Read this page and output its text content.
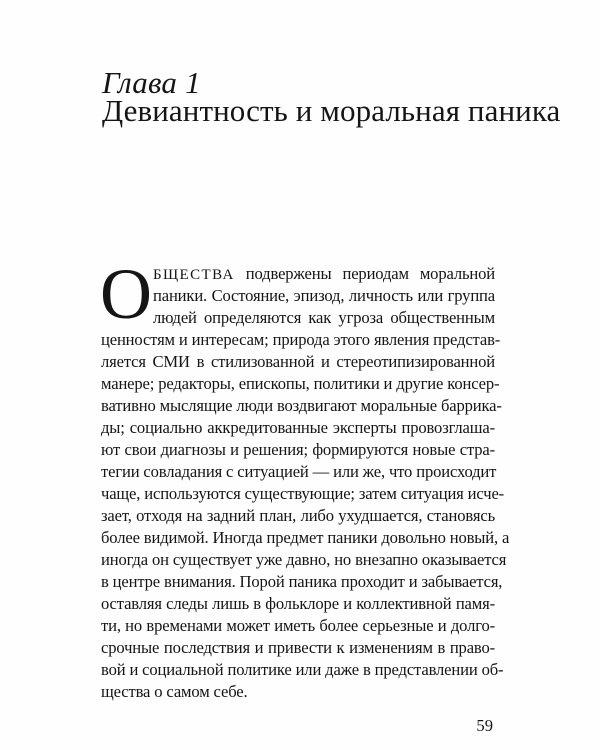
Глава 1
Девиантность и моральная паника
О БЩЕСТВА подвержены периодам моральной
паники. Состояние, эпизод, личность или группа
людей определяются как угроза общественным
ценностям и интересам; природа этого явления представ-
ляется СМИ в стилизованной и стереотипизированной
манере; редакторы, епископы, политики и другие консер-
вативно мыслящие люди воздвигают моральные баррика-
ды; социально аккредитованные эксперты провозглаша-
ют свои диагнозы и решения; формируются новые стра-
тегии совладания с ситуацией — или же, что происходит
чаще, используются существующие; затем ситуация исче-
зает, отходя на задний план, либо ухудшается, становясь
более видимой. Иногда предмет паники довольно новый, а
иногда он существует уже давно, но внезапно оказывается
в центре внимания. Порой паника проходит и забывается,
оставляя следы лишь в фольклоре и коллективной памя-
ти, но временами может иметь более серьезные и долго-
срочные последствия и привести к изменениям в право-
вой и социальной политике или даже в представлении об-
щества о самом себе.
59
